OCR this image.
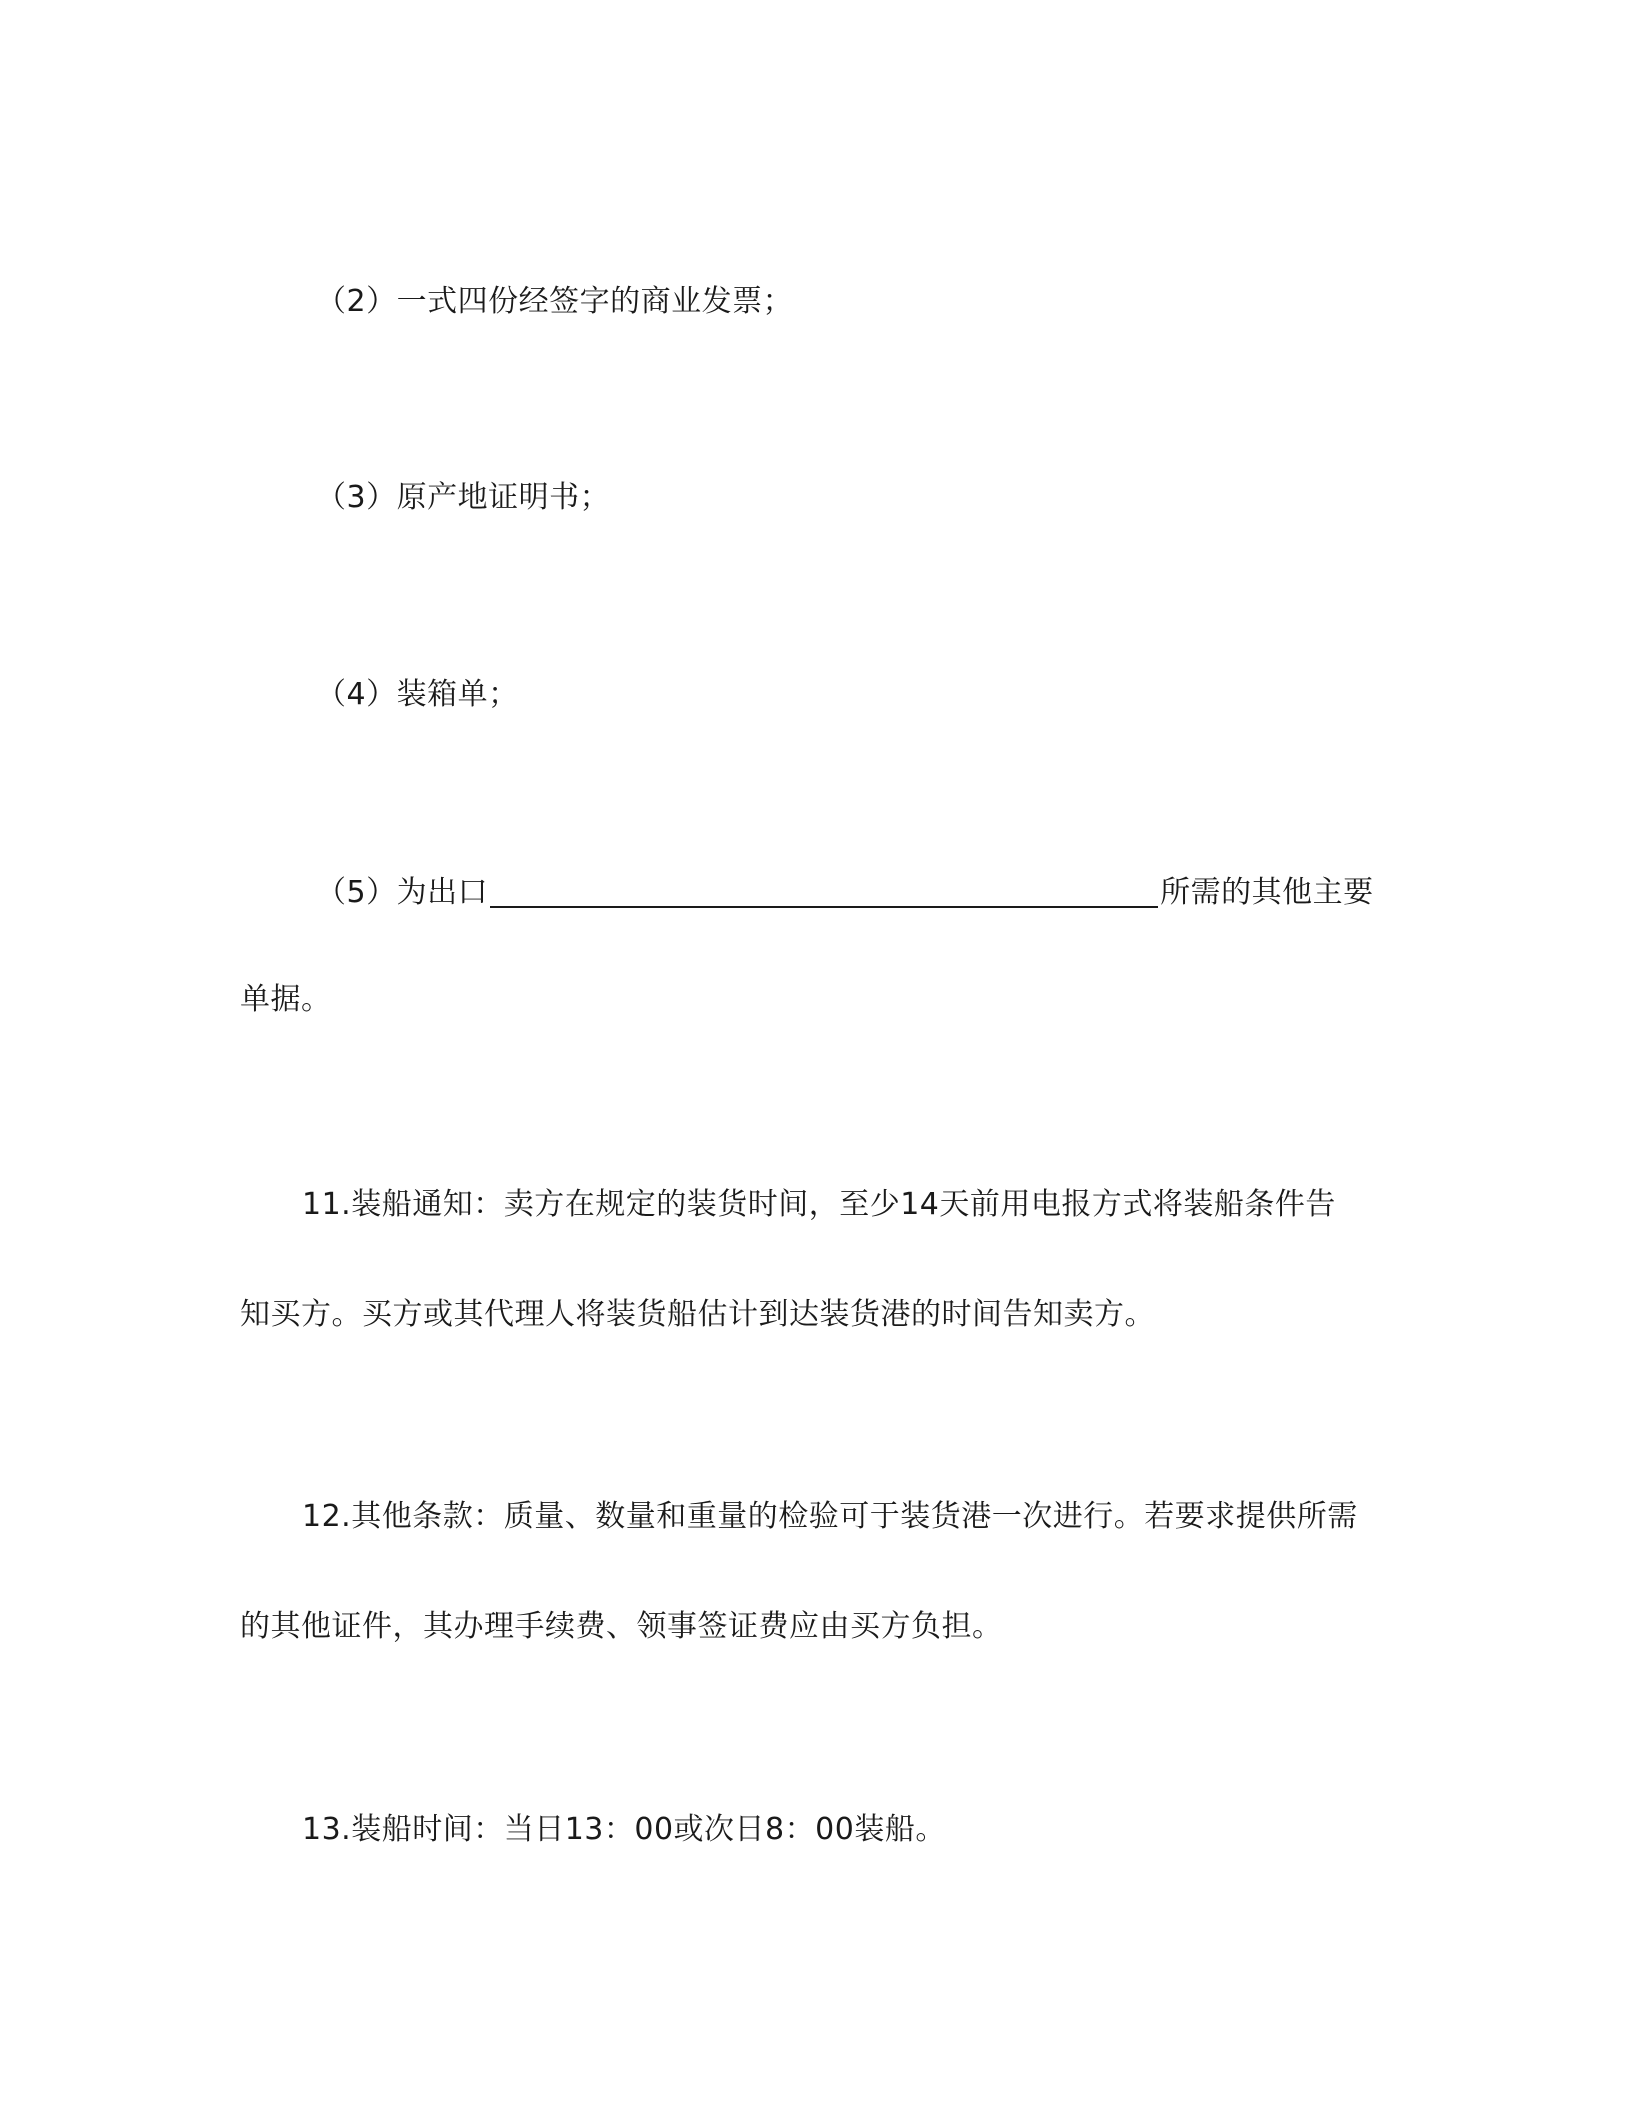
（2）一式四份经签字的商业发票；
（3）原产地证明书；
（4）装箱单；
（5）为出口	所需的其他主要
单据。
11.装船通知：卖方在规定的装货时间，至少14天前用电报方式将装船条件告
知买方。买方或其代理人将装货船估计到达装货港的时间告知卖方。
12.其他条款：质量、数量和重量的检验可于装货港一次进行。若要求提供所需
的其他证件，其办理手续费、领事签证费应由买方负担。
13.装船时间：当日13：00或次日8：00装船。
